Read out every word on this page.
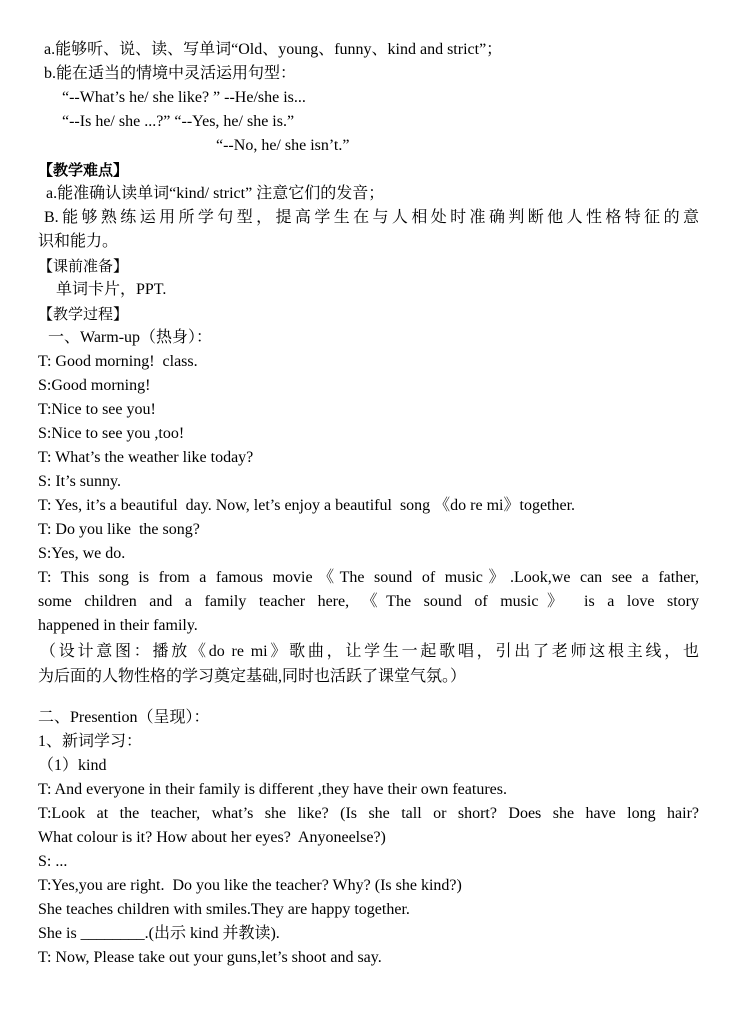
a.能够听、说、读、写单词“Old、young、funny、kind and strict”；
b.能在适当的情境中灵活运用句型：
“--What’s he/ she like? ” --He/she is...
“--Is he/ she ...?” “--Yes, he/ she is.”
“--No, he/ she isn’t.”
【教学难点】
a.能准确认读单词“kind/ strict” 注意它们的发音；
B.能够熟练运用所学句型，提高学生在与人相处时准确判断他人性格特征的意
识和能力。
【课前准备】
单词卡片，PPT.
【教学过程】
一、Warm-up（热身）：
T: Good morning!  class.
S:Good morning!
T:Nice to see you!
S:Nice to see you ,too!
T: What’s the weather like today?
S: It’s sunny.
T: Yes, it’s a beautiful  day. Now, let’s enjoy a beautiful  song 《do re mi》together.
T: Do you like  the song?
S:Yes, we do.
T: This song is from a famous movie《The sound of music》.Look,we can see a father,
some children and a family teacher here, 《The sound of music》 is a love story
happened in their family.
（设计意图：播放《do re mi》歌曲，让学生一起歌唱，引出了老师这根主线，也
为后面的人物性格的学习奠定基础,同时也活跃了课堂气氛。）
二、Presention（呈现）：
1、新词学习：
（1）kind
T: And everyone in their family is different ,they have their own features.
T:Look at the teacher, what’s she like? (Is she tall or short? Does she have long hair?
What colour is it? How about her eyes?  Anyoneelse?)
S: ...
T:Yes,you are right.  Do you like the teacher? Why? (Is she kind?)
She teaches children with smiles.They are happy together.
She is ________.(出示 kind 并教读).
T: Now, Please take out your guns,let’s shoot and say.
